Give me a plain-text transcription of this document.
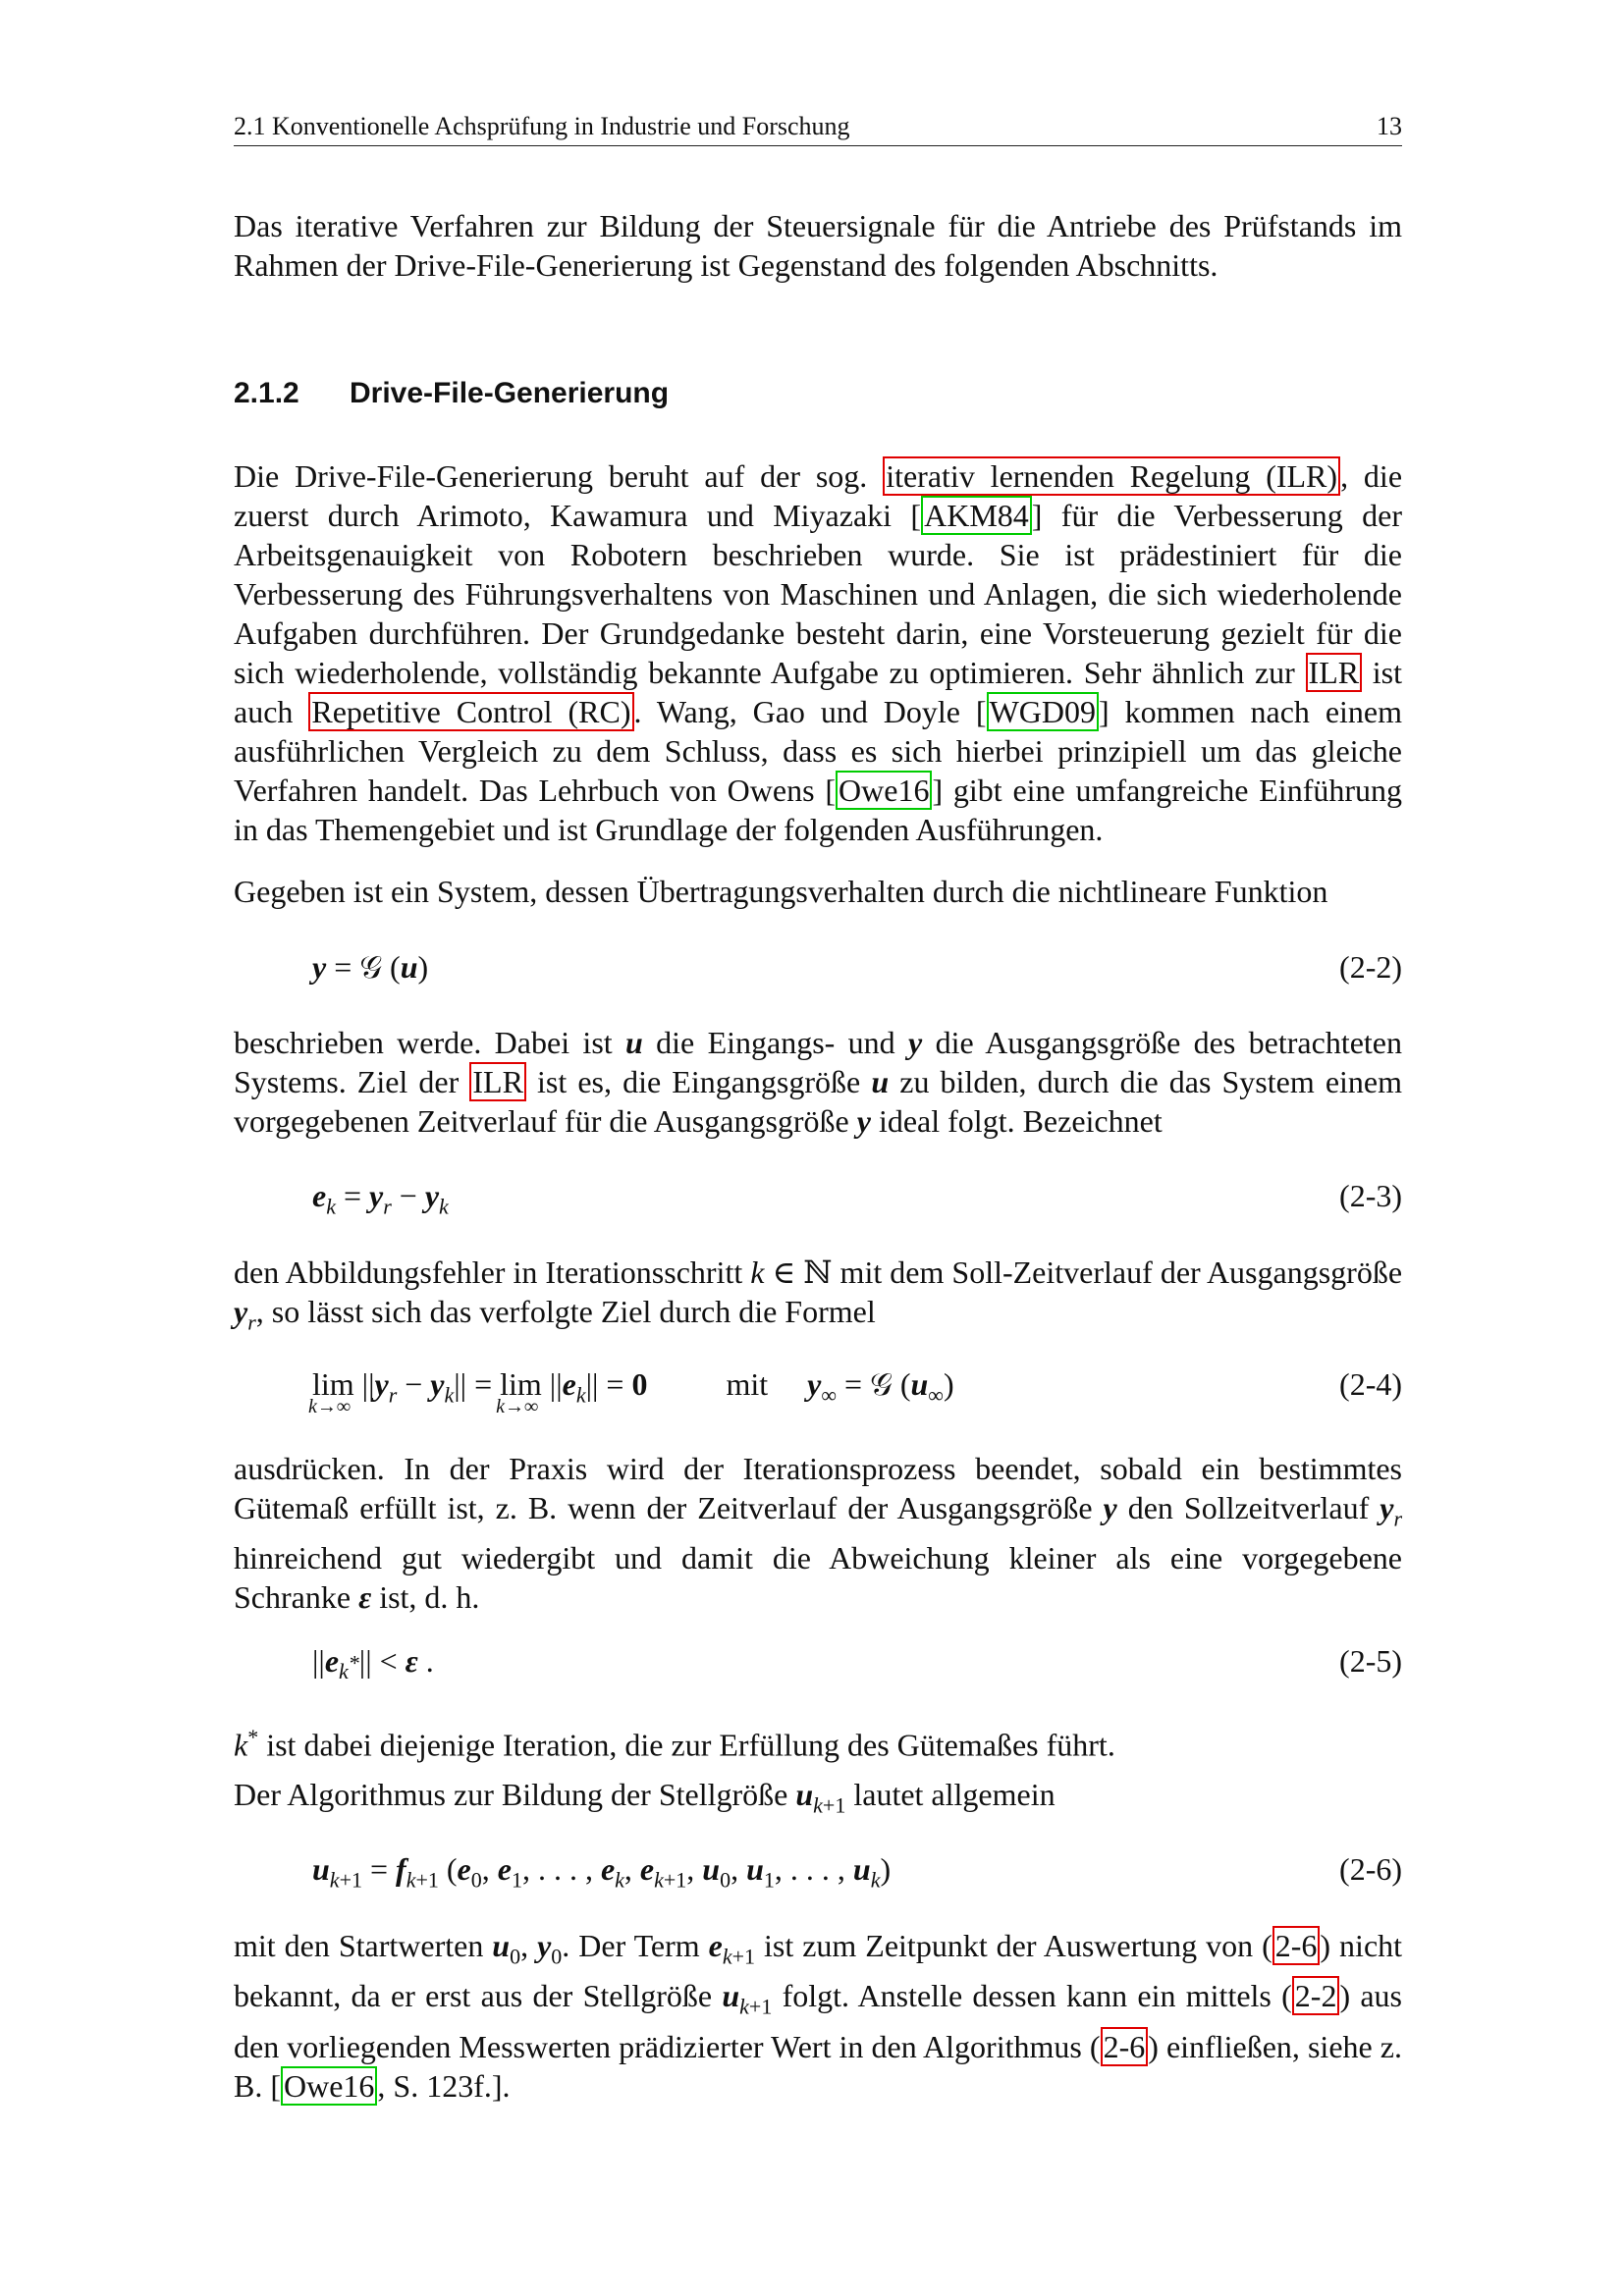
2.1 Konventionelle Achsprüfung in Industrie und Forschung	13

Das iterative Verfahren zur Bildung der Steuersignale für die Antriebe des Prüfstands im Rahmen der Drive-File-Generierung ist Gegenstand des folgenden Abschnitts.

2.1.2 Drive-File-Generierung

Die Drive-File-Generierung beruht auf der sog. iterativ lernenden Regelung (ILR), die zuerst durch Arimoto, Kawamura und Miyazaki [AKM84] für die Verbesserung der Arbeitsgenauigkeit von Robotern beschrieben wurde. Sie ist prädestiniert für die Verbesserung des Führungsverhaltens von Maschinen und Anlagen, die sich wiederholende Aufgaben durchführen. Der Grundgedanke besteht darin, eine Vorsteuerung gezielt für die sich wiederholende, vollständig bekannte Aufgabe zu optimieren. Sehr ähnlich zur ILR ist auch Repetitive Control (RC). Wang, Gao und Doyle [WGD09] kommen nach einem ausführlichen Vergleich zu dem Schluss, dass es sich hierbei prinzipiell um das gleiche Verfahren handelt. Das Lehrbuch von Owens [Owe16] gibt eine umfangreiche Einführung in das Themengebiet und ist Grundlage der folgenden Ausführungen.

Gegeben ist ein System, dessen Übertragungsverhalten durch die nichtlineare Funktion

y = 𝒢 (u)	(2-2)

beschrieben werde. Dabei ist u die Eingangs- und y die Ausgangsgröße des betrachteten Systems. Ziel der ILR ist es, die Eingangsgröße u zu bilden, durch die das System einem vorgegebenen Zeitverlauf für die Ausgangsgröße y ideal folgt. Bezeichnet

$e_k = y_r - y_k$	(2-3)

den Abbildungsfehler in Iterationsschritt k ∈ ℕ mit dem Soll-Zeitverlauf der Ausgangsgröße $y_r$, so lässt sich das verfolgte Ziel durch die Formel

lim
k→∞
$||y_r - y_k|| = \lim$
k→∞
$||e_k|| = 0$	mit $y_\infty$ = 𝒢 $(u_\infty)$	(2-4)

ausdrücken. In der Praxis wird der Iterationsprozess beendet, sobald ein bestimmtes Gütemaß erfüllt ist, z. B. wenn der Zeitverlauf der Ausgangsgröße y den Sollzeitverlauf $y_r$ hinreichend gut wiedergibt und damit die Abweichung kleiner als eine vorgegebene Schranke ε ist, d. h.

$||e_{k^*}|| < \varepsilon$ .	(2-5)

k* ist dabei diejenige Iteration, die zur Erfüllung des Gütemaßes führt.

Der Algorithmus zur Bildung der Stellgröße $u_{k+1}$ lautet allgemein

$u_{k+1} = f_{k+1}$ ($e_0$, $e_1$, . . . , $e_k$, $e_{k+1}$, $u_0$, $u_1$, . . . , $u_k$)	(2-6)

mit den Startwerten $u_0$, $y_0$. Der Term $e_{k+1}$ ist zum Zeitpunkt der Auswertung von (2-6) nicht bekannt, da er erst aus der Stellgröße $u_{k+1}$ folgt. Anstelle dessen kann ein mittels (2-2) aus den vorliegenden Messwerten prädizierter Wert in den Algorithmus (2-6) einfließen, siehe z. B. [Owe16, S. 123f.].
